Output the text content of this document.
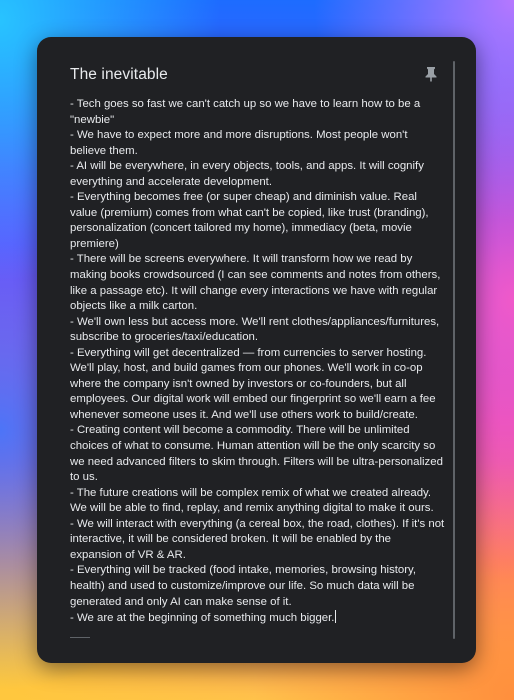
The inevitable
- Tech goes so fast we can't catch up so we have to learn how to be a "newbie"
- We have to expect more and more disruptions. Most people won't believe them.
- AI will be everywhere, in every objects, tools, and apps. It will cognify everything and accelerate development.
- Everything becomes free (or super cheap) and diminish value. Real value (premium) comes from what can't be copied, like trust (branding), personalization (concert tailored my home), immediacy (beta, movie premiere)
- There will be screens everywhere. It will transform how we read by making books crowdsourced (I can see comments and notes from others, like a passage etc). It will change every interactions we have with regular objects like a milk carton.
- We'll own less but access more. We'll rent clothes/appliances/furnitures, subscribe to groceries/taxi/education.
- Everything will get decentralized — from currencies to server hosting. We'll play, host, and build games from our phones. We'll work in co-op where the company isn't owned by investors or co-founders, but all employees. Our digital work will embed our fingerprint so we'll earn a fee whenever someone uses it. And we'll use others work to build/create.
- Creating content will become a commodity. There will be unlimited choices of what to consume. Human attention will be the only scarcity so we need advanced filters to skim through. Filters will be ultra-personalized to us.
- The future creations will be complex remix of what we created already. We will be able to find, replay, and remix anything digital to make it ours.
- We will interact with everything (a cereal box, the road, clothes). If it's not interactive, it will be considered broken. It will be enabled by the expansion of VR & AR.
- Everything will be tracked (food intake, memories, browsing history, health) and used to customize/improve our life. So much data will be generated and only AI can make sense of it.
- We are at the beginning of something much bigger.
